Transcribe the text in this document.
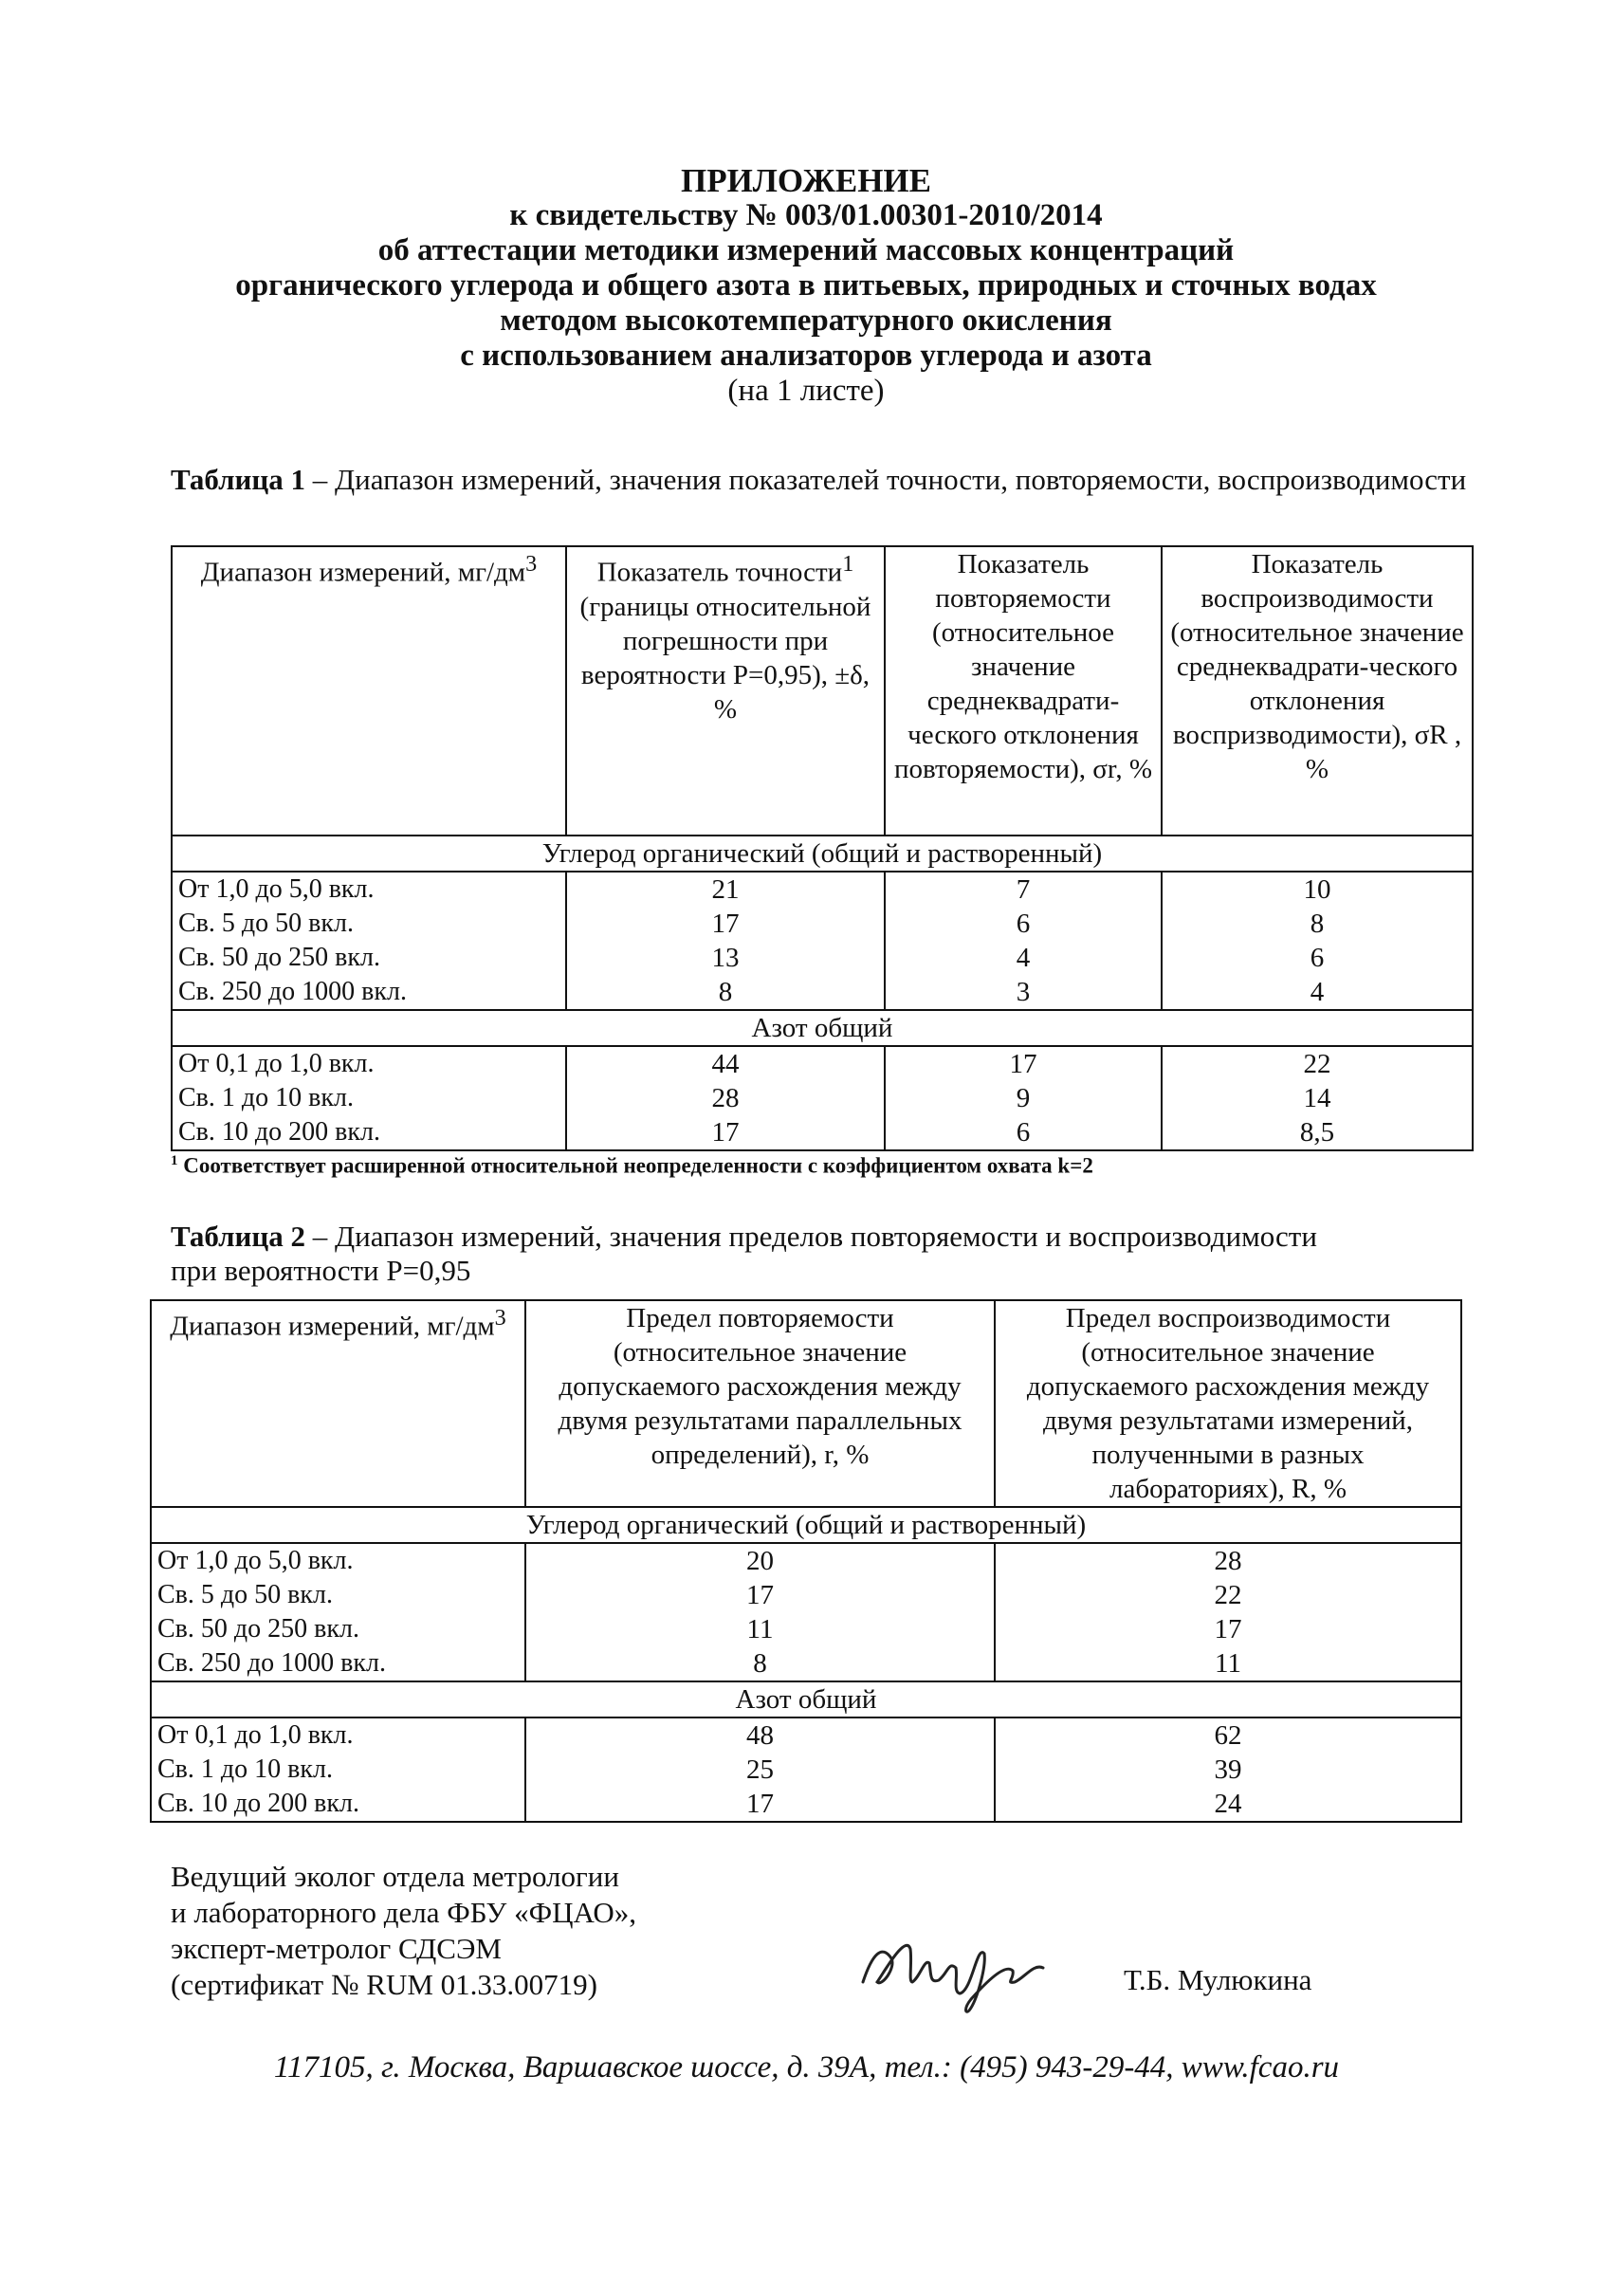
ПРИЛОЖЕНИЕ
к свидетельству № 003/01.00301-2010/2014
об аттестации методики измерений массовых концентраций
органического углерода и общего азота в питьевых, природных и сточных водах
методом высокотемпературного окисления
с использованием анализаторов углерода и азота
(на 1 листе)
Таблица 1 – Диапазон измерений, значения показателей точности, повторяемости, воспроизводимости
Диапазон измерений, $мг/дм^3$	Показатель точности$^1$ (границы относительной погрешности при вероятности Р=0,95), ±δ, %	Показатель повторяемости (относительное значение среднеквадрати-ческого отклонения повторяемости), σr, %	Показатель воспроизводимости (относительное значение среднеквадрати-ческого отклонения воспризводимости), σR , %
Углерод органический (общий и растворенный)			
От 1,0 до 5,0 вкл.	21	7	10
Св. 5 до 50 вкл.	17	6	8
Св. 50 до 250 вкл.	13	4	6
Св. 250 до 1000 вкл.	8	3	4
Азот общий			
От 0,1 до 1,0 вкл.	44	17	22
Св. 1 до 10 вкл.	28	9	14
Св. 10 до 200 вкл.	17	6	8,5
$^1$ Соответствует расширенной относительной неопределенности с коэффициентом охвата k=2
Таблица 2 – Диапазон измерений, значения пределов повторяемости и воспроизводимости при вероятности Р=0,95
Диапазон измерений, $мг/дм^3$	Предел повторяемости (относительное значение допускаемого расхождения между двумя результатами параллельных определений), r, %	Предел воспроизводимости (относительное значение допускаемого расхождения между двумя результатами измерений, полученными в разных лабораториях), R, %
Углерод органический (общий и растворенный)		
От 1,0 до 5,0 вкл.	20	28
Св. 5 до 50 вкл.	17	22
Св. 50 до 250 вкл.	11	17
Св. 250 до 1000 вкл.	8	11
Азот общий		
От 0,1 до 1,0 вкл.	48	62
Св. 1 до 10 вкл.	25	39
Св. 10 до 200 вкл.	17	24
Ведущий эколог отдела метрологии
и лабораторного дела ФБУ «ФЦАО»,
эксперт-метролог СДСЭМ
(сертификат № RUM 01.33.00719)	Т.Б. Мулюкина
117105, г. Москва, Варшавское шоссе, д. 39А, тел.: (495) 943-29-44, www.fcao.ru
